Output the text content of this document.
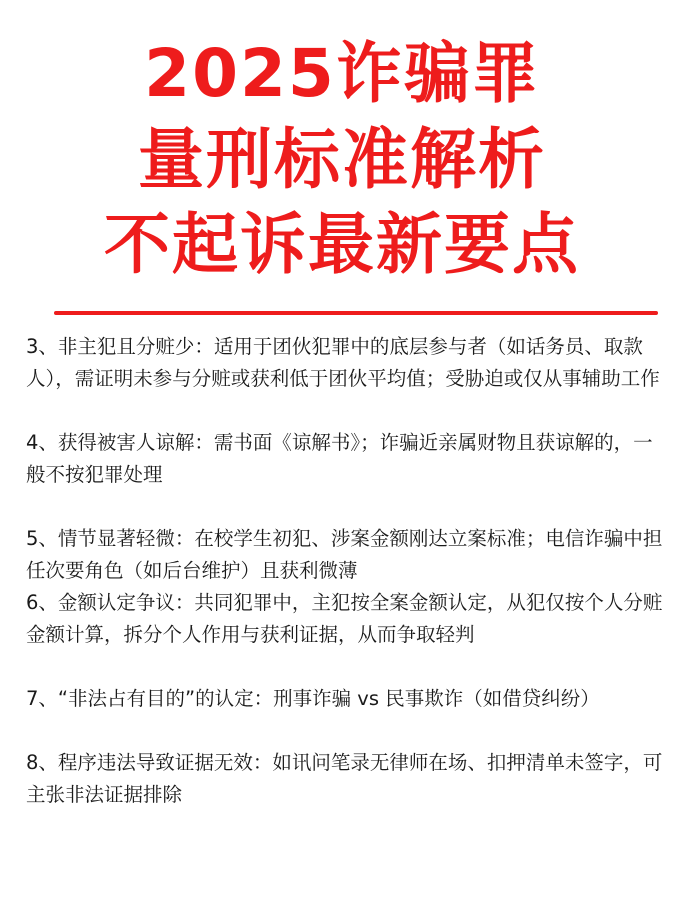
2025诈骗罪
量刑标准解析
不起诉最新要点
3、非主犯且分赃少：适用于团伙犯罪中的底层参与者（如话务员、取款人），需证明未参与分赃或获利低于团伙平均值；受胁迫或仅从事辅助工作
4、获得被害人谅解：需书面《谅解书》；诈骗近亲属财物且获谅解的，一般不按犯罪处理
5、情节显著轻微：在校学生初犯、涉案金额刚达立案标准；电信诈骗中担任次要角色（如后台维护）且获利微薄
6、金额认定争议：共同犯罪中，主犯按全案金额认定，从犯仅按个人分赃金额计算，拆分个人作用与获利证据，从而争取轻判
7、“非法占有目的”的认定：刑事诈骗 vs 民事欺诈（如借贷纠纷）
8、程序违法导致证据无效：如讯问笔录无律师在场、扣押清单未签字，可主张非法证据排除
